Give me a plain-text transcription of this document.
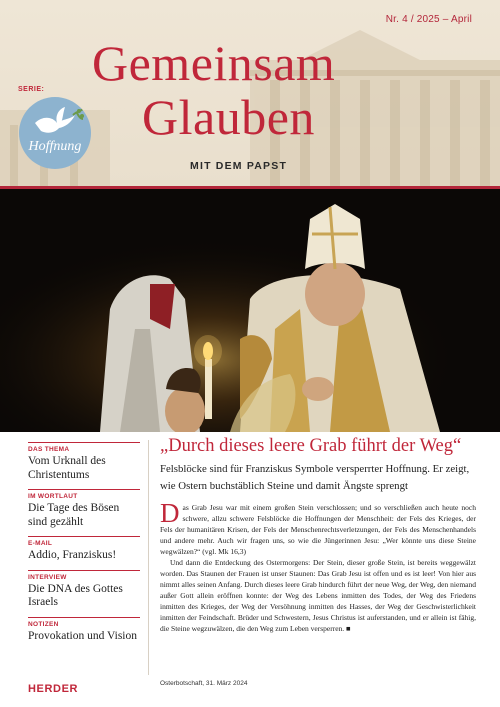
Nr. 4 / 2025 – April
Gemeinsam
Glauben
MIT DEM PAPST
SERIE:
Hoffnung
DAS THEMA
Vom Urknall des Christentums
IM WORTLAUT
Die Tage des Bösen sind gezählt
E-MAIL
Addio, Franziskus!
INTERVIEW
Die DNA des Gottes Israels
NOTIZEN
Provokation und Vision
HERDER
„Durch dieses leere Grab führt der Weg“
Felsblöcke sind für Franziskus Symbole versperrter Hoffnung. Er zeigt, wie Ostern buchstäblich Steine und damit Ängste sprengt

Das Grab Jesu war mit einem großen Stein verschlossen; und so verschließen auch heute noch schwere, allzu schwere Felsblöcke die Hoffnungen der Menschheit: der Fels des Krieges, der Fels der humanitären Krisen, der Fels der Menschenrechtsverletzungen, der Fels des Menschenhandels und andere mehr. Auch wir fragen uns, so wie die Jüngerinnen Jesu: „Wer könnte uns diese Steine wegwälzen?“ (vgl. Mk 16,3)

Und dann die Entdeckung des Ostermorgens: Der Stein, dieser große Stein, ist bereits weggewälzt worden. Das Staunen der Frauen ist unser Staunen: Das Grab Jesu ist offen und es ist leer! Von hier aus nimmt alles seinen Anfang. Durch dieses leere Grab hindurch führt der neue Weg, der Weg, den niemand außer Gott allein eröffnen konnte: der Weg des Lebens inmitten des Todes, der Weg des Friedens inmitten des Krieges, der Weg der Versöhnung inmitten des Hasses, der Weg der Geschwisterlichkeit inmitten der Feindschaft. Brüder und Schwestern, Jesus Christus ist auferstanden, und er allein ist fähig, die Steine wegzuwälzen, die den Weg zum Leben versperren. ■

Osterbotschaft, 31. März 2024
